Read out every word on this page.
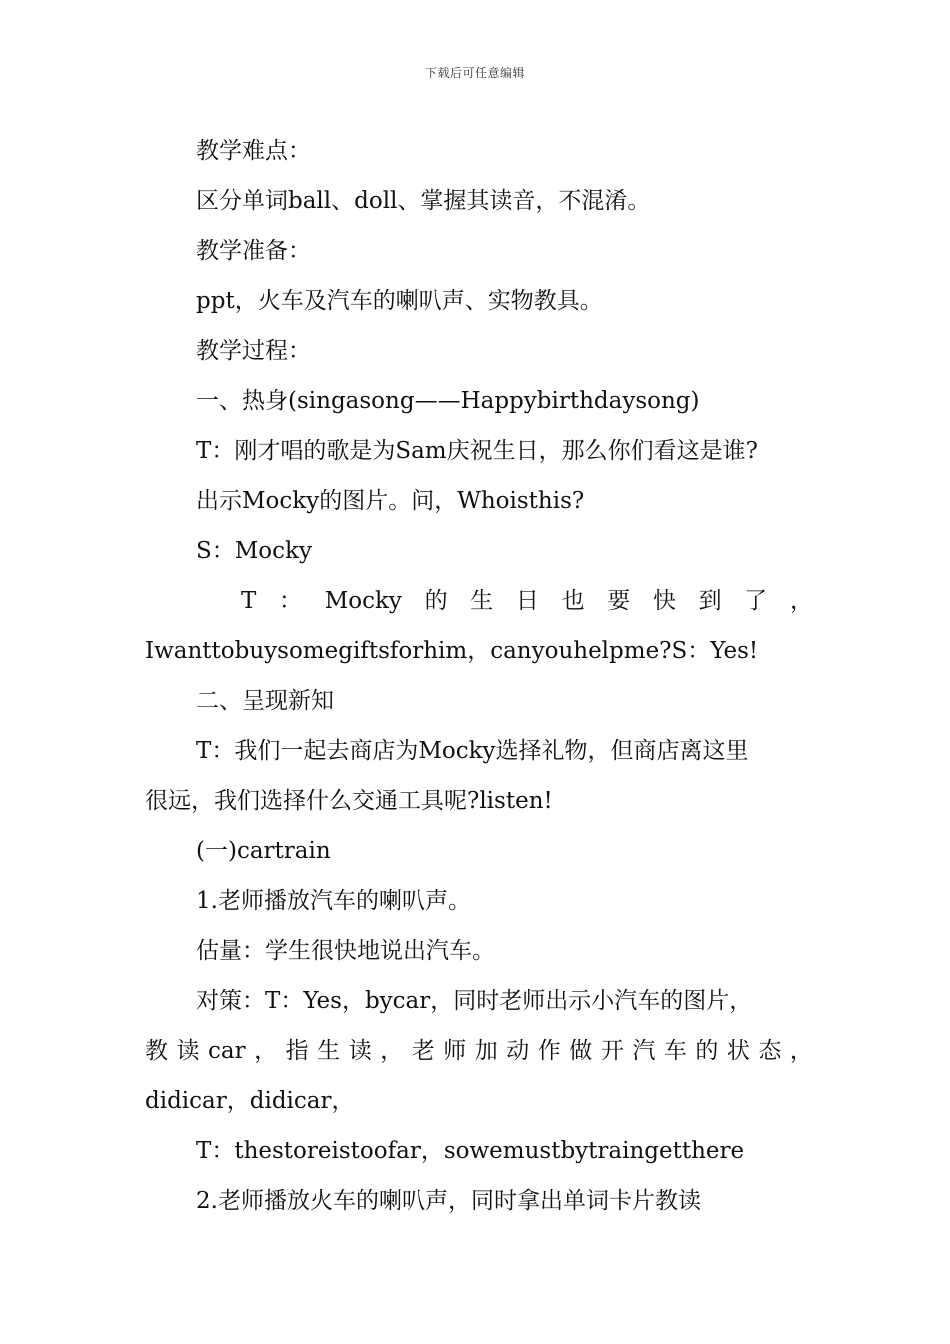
下载后可任意编辑

教学难点：

区分单词ball、doll、掌握其读音，不混淆。

教学准备：

ppt，火车及汽车的喇叭声、实物教具。

教学过程：

一、热身(singasong——Happybirthdaysong)

T：刚才唱的歌是为Sam庆祝生日，那么你们看这是谁?

出示Mocky的图片。问，Whoisthis?

S：Mocky

T ： Mocky 的 生 日 也 要 快 到 了 ，

Iwanttobuysomegiftsforhim，canyouhelpme?S：Yes!

二、呈现新知

T：我们一起去商店为Mocky选择礼物，但商店离这里

很远，我们选择什么交通工具呢?listen!

(一)cartrain

1.老师播放汽车的喇叭声。

估量：学生很快地说出汽车。

对策：T：Yes，bycar，同时老师出示小汽车的图片，

教 读 car ， 指 生 读 ， 老 师 加 动 作 做 开 汽 车 的 状 态 ，

didicar，didicar，

T：thestoreistoofar，sowemustbytraingetthere

2.老师播放火车的喇叭声，同时拿出单词卡片教读
